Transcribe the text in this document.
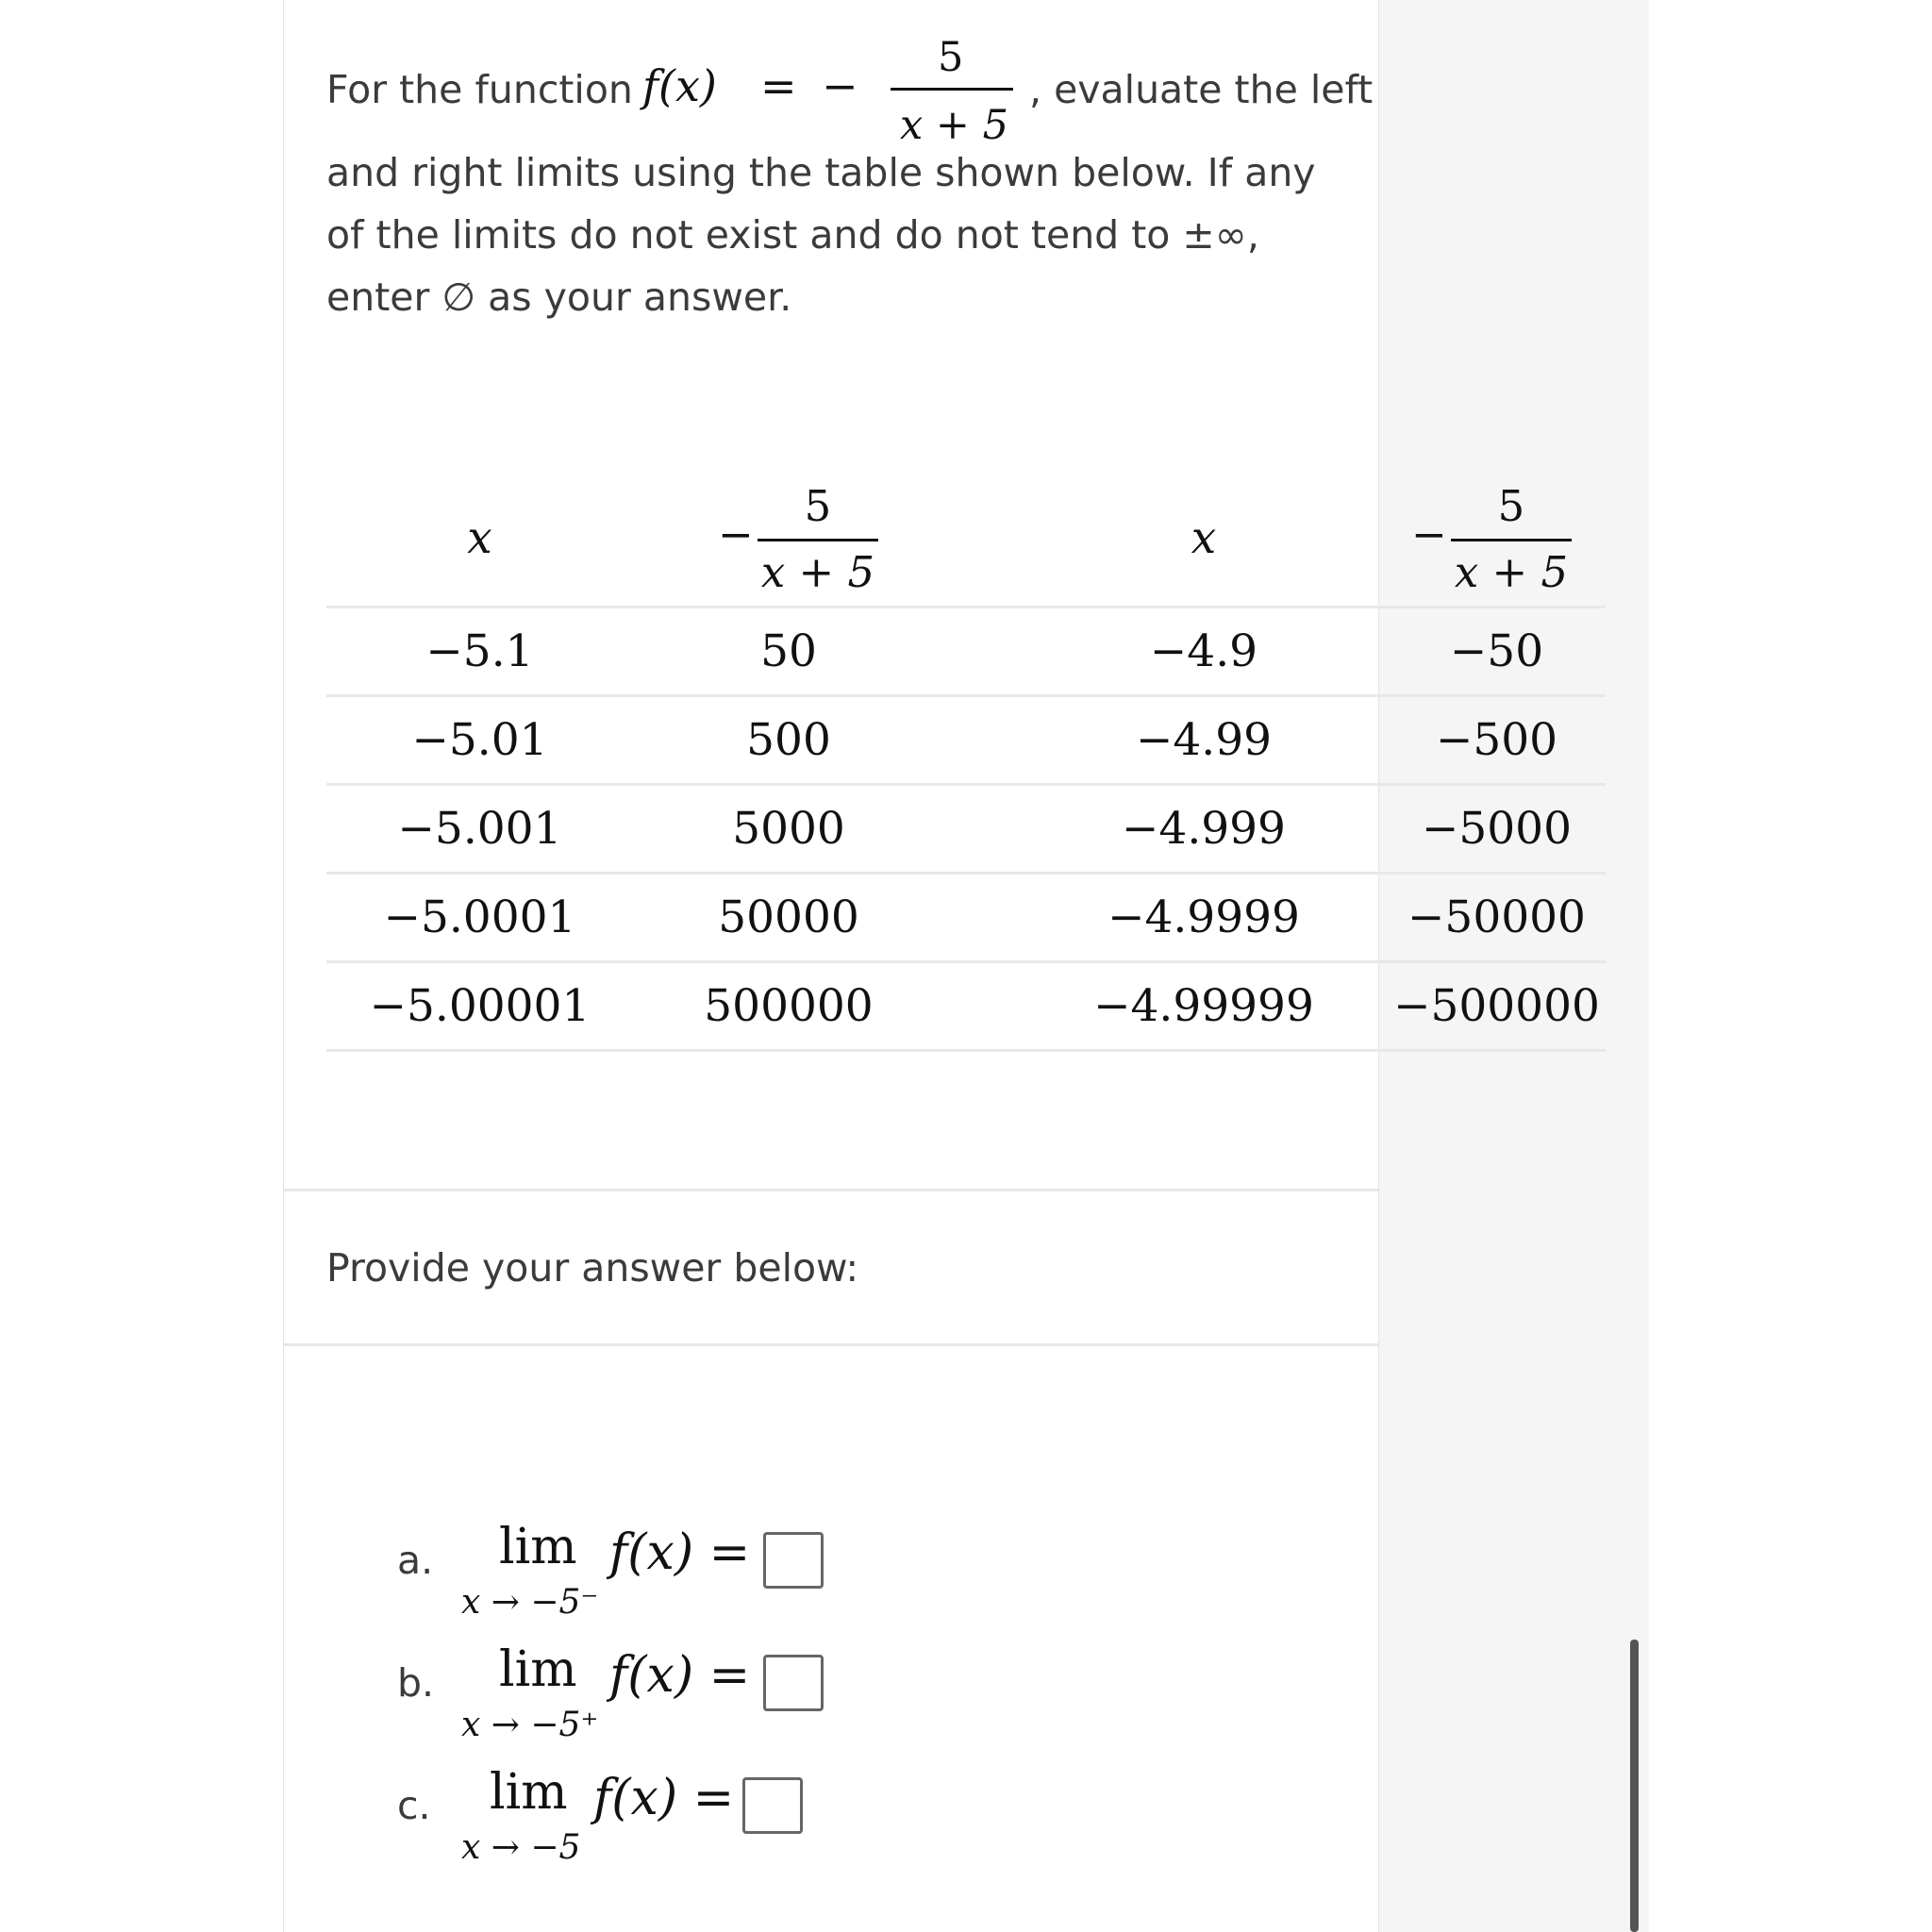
For the function f(x) = −
5
x + 5
, evaluate the left
and right limits using the table shown below. If any of the limits do not exist and do not tend to ±∞, enter ∅ as your answer.
x	−
5
x + 5
x	−
5
x + 5
−5.1	50	−4.9	−50
−5.01	500	−4.99	−500
−5.001	5000	−4.999	−5000
−5.0001	50000	−4.9999	−50000
−5.00001	500000	−4.99999	−500000
Provide your answer below:
a. lim
x → −5⁻
f(x) =
b. lim
x → −5⁺
f(x) =
c. lim
x → −5
f(x) =
